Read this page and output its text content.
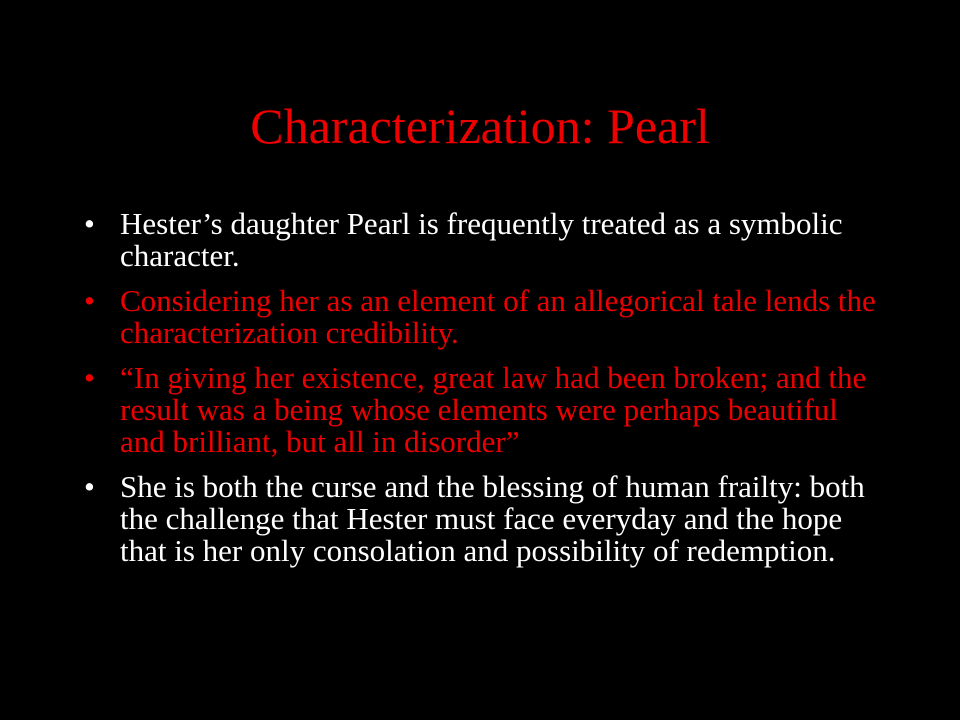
Characterization: Pearl
• Hester’s daughter Pearl is frequently treated as a symbolic character.
• Considering her as an element of an allegorical tale lends the characterization credibility.
• “In giving her existence, great law had been broken; and the result was a being whose elements were perhaps beautiful and brilliant, but all in disorder”
• She is both the curse and the blessing of human frailty: both the challenge that Hester must face everyday and the hope that is her only consolation and possibility of redemption.
